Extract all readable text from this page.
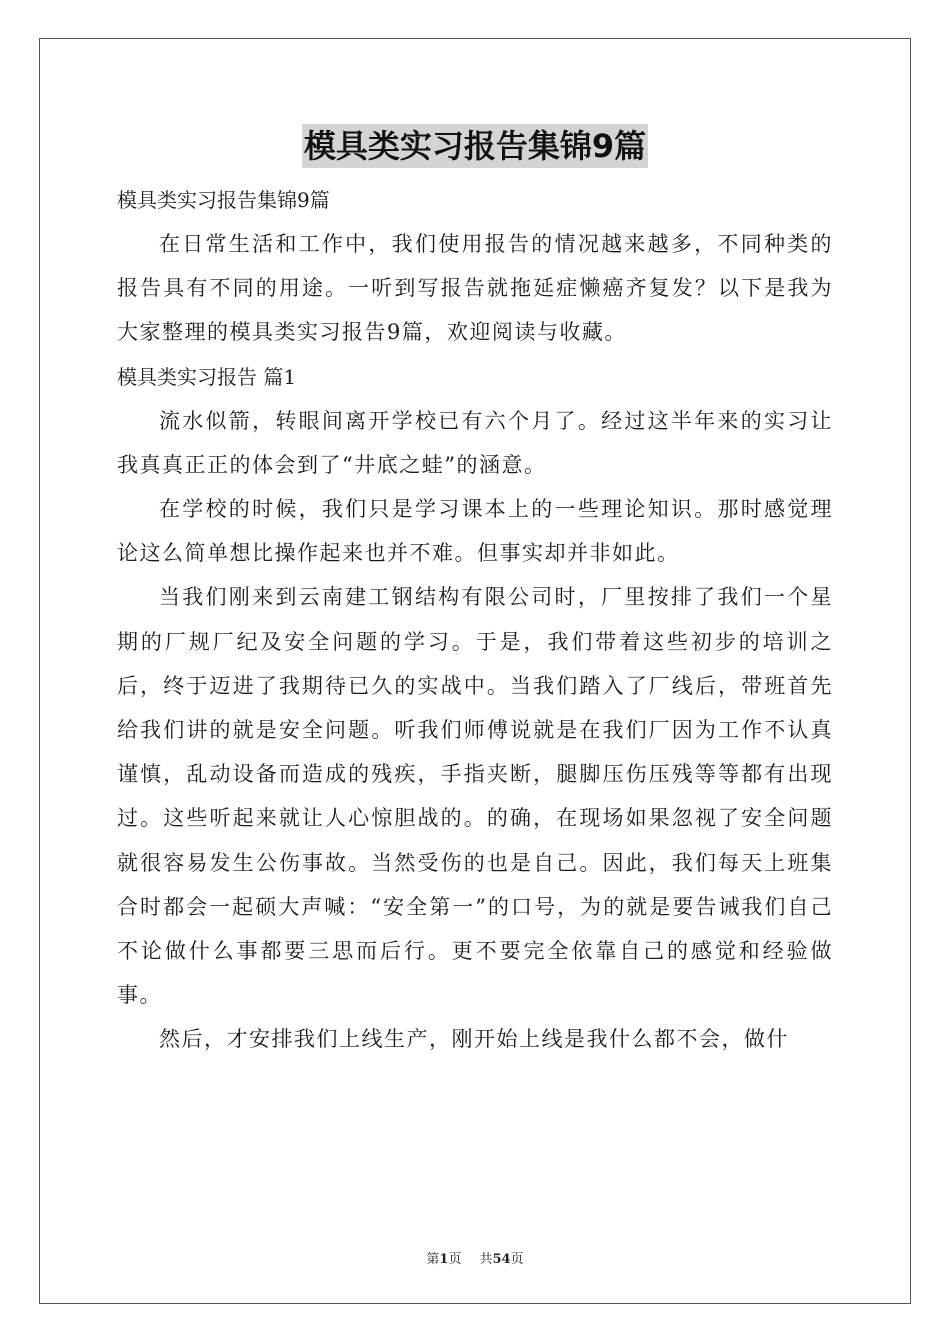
模具类实习报告集锦9篇

模具类实习报告集锦9篇

在日常生活和工作中，我们使用报告的情况越来越多，不同种类的报告具有不同的用途。一听到写报告就拖延症懒癌齐复发？以下是我为大家整理的模具类实习报告9篇，欢迎阅读与收藏。

模具类实习报告 篇1

流水似箭，转眼间离开学校已有六个月了。经过这半年来的实习让我真真正正的体会到了“井底之蛙”的涵意。

在学校的时候，我们只是学习课本上的一些理论知识。那时感觉理论这么简单想比操作起来也并不难。但事实却并非如此。

当我们刚来到云南建工钢结构有限公司时，厂里按排了我们一个星期的厂规厂纪及安全问题的学习。于是，我们带着这些初步的培训之后，终于迈进了我期待已久的实战中。当我们踏入了厂线后，带班首先给我们讲的就是安全问题。听我们师傅说就是在我们厂因为工作不认真谨慎，乱动设备而造成的残疾，手指夹断，腿脚压伤压残等等都有出现过。这些听起来就让人心惊胆战的。的确，在现场如果忽视了安全问题就很容易发生公伤事故。当然受伤的也是自己。因此，我们每天上班集合时都会一起硕大声喊：“安全第一”的口号，为的就是要告诫我们自己不论做什么事都要三思而后行。更不要完全依靠自己的感觉和经验做事。

然后，才安排我们上线生产，刚开始上线是我什么都不会，做什

第1页 共54页
